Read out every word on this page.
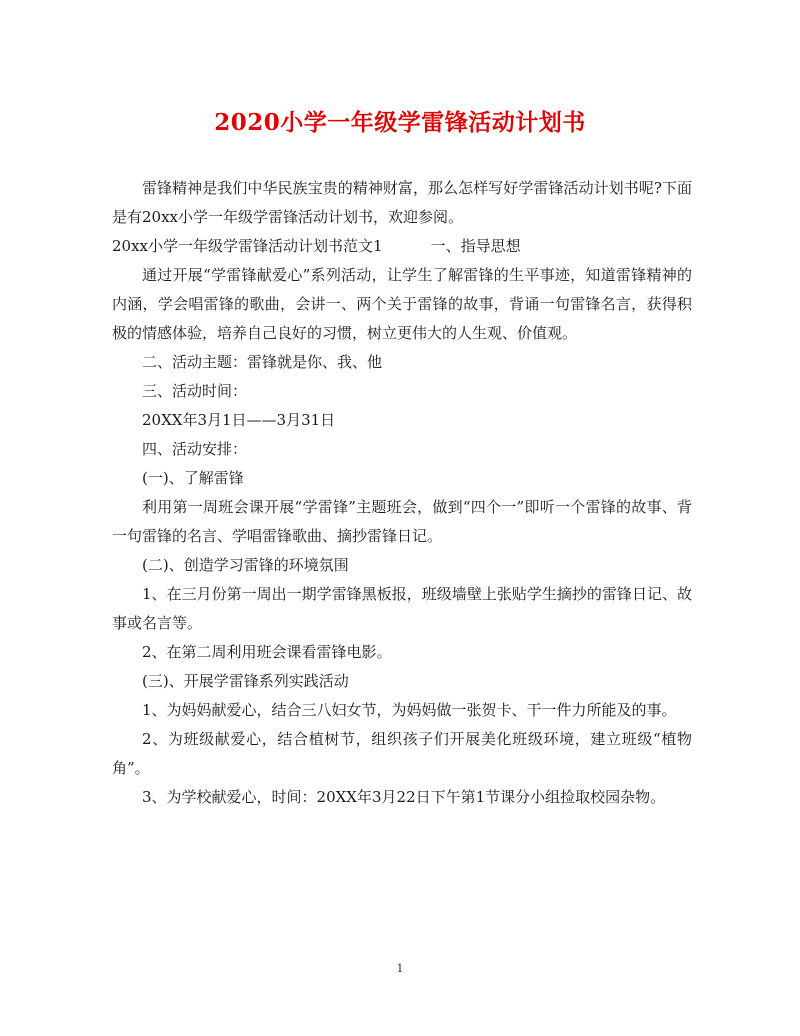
2020小学一年级学雷锋活动计划书

雷锋精神是我们中华民族宝贵的精神财富，那么怎样写好学雷锋活动计划书呢?下面是有20xx小学一年级学雷锋活动计划书，欢迎参阅。

20xx小学一年级学雷锋活动计划书范文1	一、指导思想

通过开展“学雷锋献爱心”系列活动，让学生了解雷锋的生平事迹，知道雷锋精神的内涵，学会唱雷锋的歌曲，会讲一、两个关于雷锋的故事，背诵一句雷锋名言，获得积极的情感体验，培养自己良好的习惯，树立更伟大的人生观、价值观。

二、活动主题：雷锋就是你、我、他

三、活动时间：

20XX年3月1日——3月31日

四、活动安排：

(一)、了解雷锋

利用第一周班会课开展“学雷锋”主题班会，做到“四个一”即听一个雷锋的故事、背一句雷锋的名言、学唱雷锋歌曲、摘抄雷锋日记。

(二)、创造学习雷锋的环境氛围

1、在三月份第一周出一期学雷锋黑板报，班级墙壁上张贴学生摘抄的雷锋日记、故事或名言等。

2、在第二周利用班会课看雷锋电影。

(三)、开展学雷锋系列实践活动

1、为妈妈献爱心，结合三八妇女节，为妈妈做一张贺卡、干一件力所能及的事。

2、为班级献爱心，结合植树节，组织孩子们开展美化班级环境，建立班级“植物角”。

3、为学校献爱心，时间：20XX年3月22日下午第1节课分小组捡取校园杂物。

1
